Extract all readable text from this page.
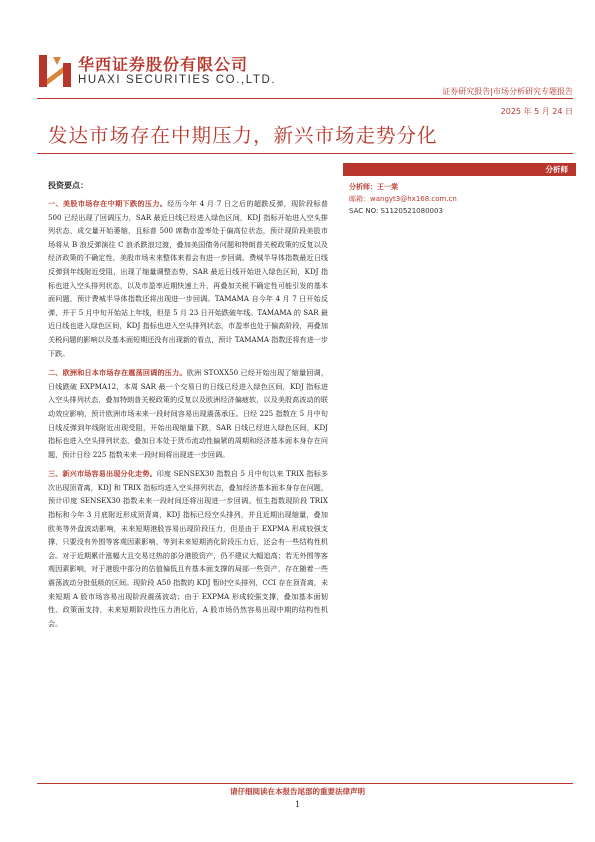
华西证券股份有限公司
HUAXI SECURITIES CO.,LTD.
证券研究报告|市场分析研究专题报告
2025 年 5 月 24 日
发达市场存在中期压力，新兴市场走势分化
分析师
分析师：王一棠
邮箱：wangyt3@hx168.com.cn
SAC NO: S1120521080003
投资要点：

一、美股市场存在中期下跌的压力。经历今年 4 月 7 日之后的超跌反弹，现阶段标普 500 已经出现了回调压力，SAR 最近日线已经进入绿色区间，KDJ 指标开始进入空头排列状态，成交量开始萎缩，且标普 500 席勒市盈率处于偏高位状态，预计现阶段美股市场将从 B 浪反弹演往 C 浪杀跌浪过渡，叠加美国债务问题和特朗普关税政策的反复以及经济政策的不确定性，美股市场未来整体来看会有进一步回调。费城半导体指数最近日线反弹到年线附近受阻，出现了缩量调整态势，SAR 最近日线开始进入绿色区间，KDJ 指标也进入空头排列状态，以及市盈率近期快速上升，再叠加关税不确定性可能引发的基本面问题，预计费城半导体指数还将出现进一步回调。TAMAMA 自今年 4 月 7 日开始反弹，并于 5 月中旬开始站上年线，但是 5 月 23 日开始跌破年线。TAMAMA 的 SAR 最近日线也进入绿色区间，KDJ 指标也进入空头排列状态，市盈率也处于偏高阶段，再叠加关税问题的影响以及基本面短期还没有出现新的看点，预计 TAMAMA 指数还将有进一步下跌。

二、欧洲和日本市场存在震荡回调的压力。欧洲 STOXX50 已经开始出现了缩量回调，日线跌破 EXPMA12，本周 SAR 最一个交易日的日线已经进入绿色区间，KDJ 指标进入空头排列状态，叠加特朗普关税政策的反复以及欧洲经济偏疲软，以及美股高波动的联动效应影响，预计欧洲市场未来一段时间容易出现震荡承压。日经 225 指数在 5 月中旬日线反弹到年线附近出现受阻，开始出现缩量下跌，SAR 日线已经进入绿色区间，KDJ 指标也进入空头排列状态，叠加日本处于货币流动性偏紧的周期和经济基本面本身存在问题，预计日经 225 指数未来一段时间将出现进一步回调。

三、新兴市场容易出现分化走势。印度 SENSEX30 指数自 5 月中旬以来 TRIX 指标多次出现顶背离，KDJ 和 TRIX 指标均进入空头排列状态，叠加经济基本面本身存在问题，预计印度 SENSEX30 指数未来一段时间还将出现进一步回调。恒生指数现阶段 TRIX 指标和今年 3 月底附近形成顶背离，KDJ 指标已经空头排列，并且近期出现缩量，叠加欧美等外盘波动影响，未来短期港股容易出现阶段压力，但是由于 EXPMA 形成较强支撑，只要没有外围等客观因素影响，等到未来短期消化阶段压力后，还会有一些结构性机会。对于近期累计涨幅大且交易过热的部分港股资产，仍不建议大幅追高；若无外围等客观因素影响，对于港股中部分的估值偏低且有基本面支撑的局部一些资产，存在随着一些震荡波动分批低吸的区间。现阶段 A50 指数的 KDJ 暂时空头排列，CCI 存在顶背离，未来短期 A 股市场容易出现阶段震荡波动；由于 EXPMA 形成较强支撑，叠加基本面韧性、政策面支持，未来短期阶段性压力消化后，A 股市场仍然容易出现中期的结构性机会。

请仔细阅读在本报告尾部的重要法律声明
1
